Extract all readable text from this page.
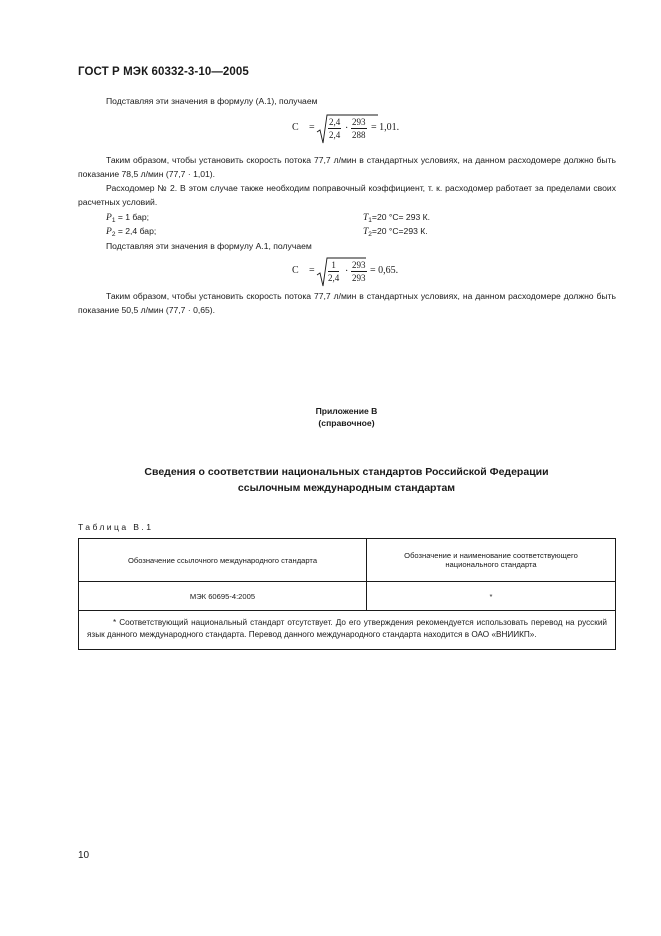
ГОСТ Р МЭК 60332-3-10—2005
Подставляя эти значения в формулу (А.1), получаем
$C = \frac{2,4}{2,4} \cdot \frac{293}{288} = 1,01$.
Таким образом, чтобы установить скорость потока 77,7 л/мин в стандартных условиях, на данном расходомере должно быть показание 78,5 л/мин (77,7 · 1,01).
Расходомер № 2. В этом случае также необходим поправочный коэффициент, т. к. расходомер работает за пределами своих расчетных условий.
$P_1 = 1$ бар;	$T_1=20$ °С= 293 К.
$P_2 = 2,4$ бар;	$T_2=20$ °С=293 К.
Подставляя эти значения в формулу А.1, получаем
$C = \frac{1}{2,4} \cdot \frac{293}{293} = 0,65$.
Таким образом, чтобы установить скорость потока 77,7 л/мин в стандартных условиях, на данном расходомере должно быть показание 50,5 л/мин (77,7 · 0,65).
Приложение В
(справочное)
Сведения о соответствии национальных стандартов Российской Федерации
ссылочным международным стандартам
Таблица В.1
Обозначение ссылочного международного стандарта	Обозначение и наименование соответствующего национального стандарта
МЭК 60695-4:2005	*
* Соответствующий национальный стандарт отсутствует. До его утверждения рекомендуется использовать перевод на русский язык данного международного стандарта. Перевод данного международного стандарта находится в ОАО «ВНИИКП».	
10
